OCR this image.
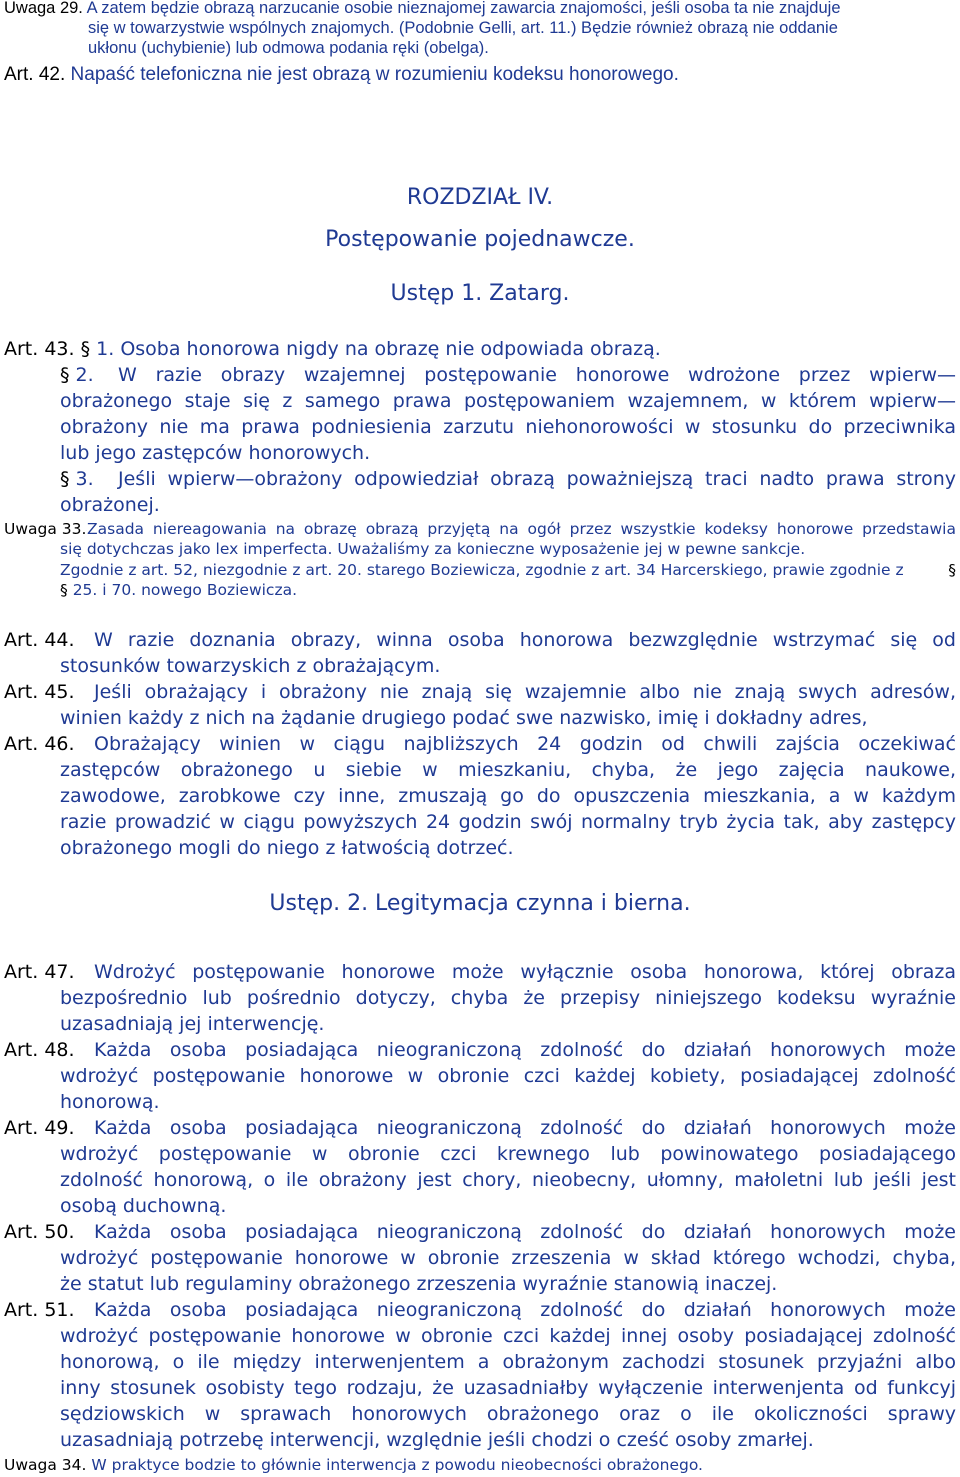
Uwaga 29. A zatem będzie obrazą narzucanie osobie nieznajomej zawarcia znajomości, jeśli osoba ta nie znajduje
się w towarzystwie wspólnych znajomych. (Podobnie Gelli, art. 11.) Będzie również obrazą nie oddanie
ukłonu (uchybienie) lub odmowa podania ręki (obelga).
Art. 42. Napaść telefoniczna nie jest obrazą w rozumieniu kodeksu honorowego.
ROZDZIAŁ IV.
Postępowanie pojednawcze.
Ustęp 1. Zatarg.
Art. 43. § 1. Osoba honorowa nigdy na obrazę nie odpowiada obrazą.
§ 2. W razie obrazy wzajemnej postępowanie honorowe wdrożone przez wpierw—
obrażonego staje się z samego prawa postępowaniem wzajemnem, w którem wpierw—
obrażony nie ma prawa podniesienia zarzutu niehonorowości w stosunku do przeciwnika
lub jego zastępców honorowych.
§ 3. Jeśli wpierw—obrażony odpowiedział obrazą poważniejszą traci nadto prawa strony
obrażonej.
Uwaga 33. Zasada niereagowania na obrazę obrazą przyjętą na ogół przez wszystkie kodeksy honorowe przedstawia
się dotychczas jako lex imperfecta. Uważaliśmy za konieczne wyposażenie jej w pewne sankcje.
Zgodnie z art. 52, niezgodnie z art. 20. starego Boziewicza, zgodnie z art. 34 Harcerskiego, prawie zgodnie z	§
§ 25. i 70. nowego Boziewicza.
Art. 44. W razie doznania obrazy, winna osoba honorowa bezwzględnie wstrzymać się od
stosunków towarzyskich z obrażającym.
Art. 45. Jeśli obrażający i obrażony nie znają się wzajemnie albo nie znają swych adresów,
winien każdy z nich na żądanie drugiego podać swe nazwisko, imię i dokładny adres,
Art. 46. Obrażający winien w ciągu najbliższych 24 godzin od chwili zajścia oczekiwać
zastępców obrażonego u siebie w mieszkaniu, chyba, że jego zajęcia naukowe,
zawodowe, zarobkowe czy inne, zmuszają go do opuszczenia mieszkania, a w każdym
razie prowadzić w ciągu powyższych 24 godzin swój normalny tryb życia tak, aby zastępcy
obrażonego mogli do niego z łatwością dotrzeć.
Ustęp. 2. Legitymacja czynna i bierna.
Art. 47. Wdrożyć postępowanie honorowe może wyłącznie osoba honorowa, której obraza
bezpośrednio lub pośrednio dotyczy, chyba że przepisy niniejszego kodeksu wyraźnie
uzasadniają jej interwencję.
Art. 48. Każda osoba posiadająca nieograniczoną zdolność do działań honorowych może
wdrożyć postępowanie honorowe w obronie czci każdej kobiety, posiadającej zdolność
honorową.
Art. 49. Każda osoba posiadająca nieograniczoną zdolność do działań honorowych może
wdrożyć postępowanie w obronie czci krewnego lub powinowatego posiadającego
zdolność honorową, o ile obrażony jest chory, nieobecny, ułomny, małoletni lub jeśli jest
osobą duchowną.
Art. 50. Każda osoba posiadająca nieograniczoną zdolność do działań honorowych może
wdrożyć postępowanie honorowe w obronie zrzeszenia w skład którego wchodzi, chyba,
że statut lub regulaminy obrażonego zrzeszenia wyraźnie stanowią inaczej.
Art. 51. Każda osoba posiadająca nieograniczoną zdolność do działań honorowych może
wdrożyć postępowanie honorowe w obronie czci każdej innej osoby posiadającej zdolność
honorową, o ile między interwenjentem a obrażonym zachodzi stosunek przyjaźni albo
inny stosunek osobisty tego rodzaju, że uzasadniałby wyłączenie interwenjenta od funkcyj
sędziowskich w sprawach honorowych obrażonego oraz o ile okoliczności sprawy
uzasadniają potrzebę interwencji, względnie jeśli chodzi o cześć osoby zmarłej.
Uwaga 34. W praktyce bodzie to głównie interwencja z powodu nieobecności obrażonego.
